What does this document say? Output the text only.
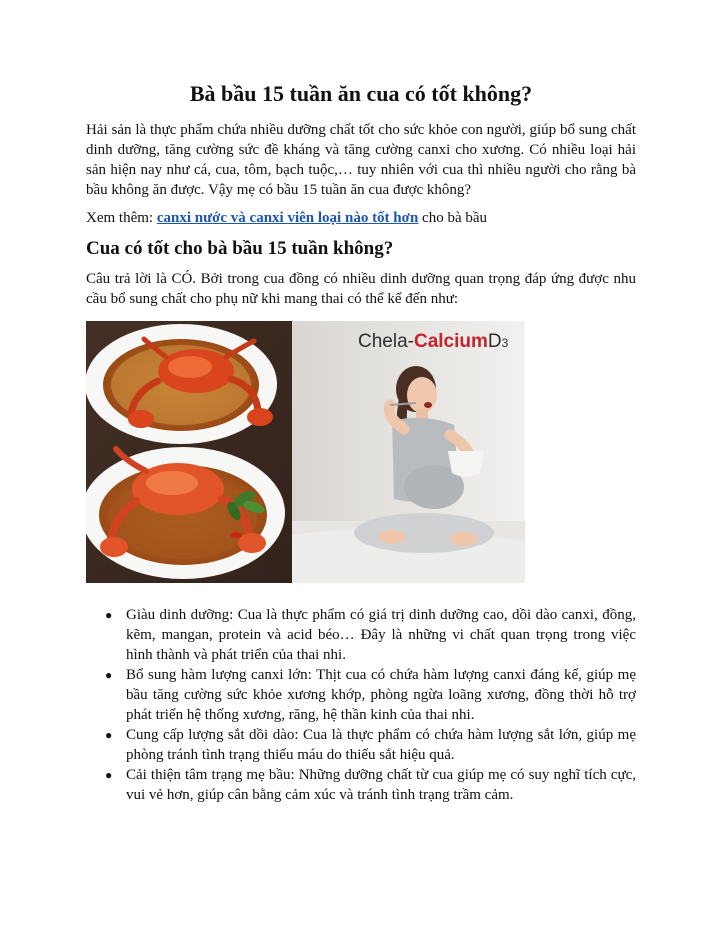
Bà bầu 15 tuần ăn cua có tốt không?

Hải sản là thực phẩm chứa nhiều dưỡng chất tốt cho sức khỏe con người, giúp bổ sung chất dinh dưỡng, tăng cường sức đề kháng và tăng cường canxi cho xương. Có nhiều loại hải sản hiện nay như cá, cua, tôm, bạch tuộc,… tuy nhiên với cua thì nhiều người cho rằng bà bầu không ăn được. Vậy mẹ có bầu 15 tuần ăn cua được không?

Xem thêm: canxi nước và canxi viên loại nào tốt hơn cho bà bầu

Cua có tốt cho bà bầu 15 tuần không?

Câu trả lời là CÓ. Bởi trong cua đồng có nhiều dinh dưỡng quan trọng đáp ứng được nhu cầu bổ sung chất cho phụ nữ khi mang thai có thể kể đến như:

Chela-CalciumD3
● Giàu dinh dưỡng: Cua là thực phẩm có giá trị dinh dưỡng cao, dồi dào canxi, đồng, kẽm, mangan, protein và acid béo… Đây là những vi chất quan trọng trong việc hình thành và phát triển của thai nhi.
● Bổ sung hàm lượng canxi lớn: Thịt cua có chứa hàm lượng canxi đáng kể, giúp mẹ bầu tăng cường sức khỏe xương khớp, phòng ngừa loãng xương, đồng thời hỗ trợ phát triển hệ thống xương, răng, hệ thần kinh của thai nhi.
● Cung cấp lượng sắt dồi dào: Cua là thực phẩm có chứa hàm lượng sắt lớn, giúp mẹ phòng tránh tình trạng thiếu máu do thiếu sắt hiệu quả.
● Cải thiện tâm trạng mẹ bầu: Những dưỡng chất từ cua giúp mẹ có suy nghĩ tích cực, vui vẻ hơn, giúp cân bằng cảm xúc và tránh tình trạng trầm cảm.
